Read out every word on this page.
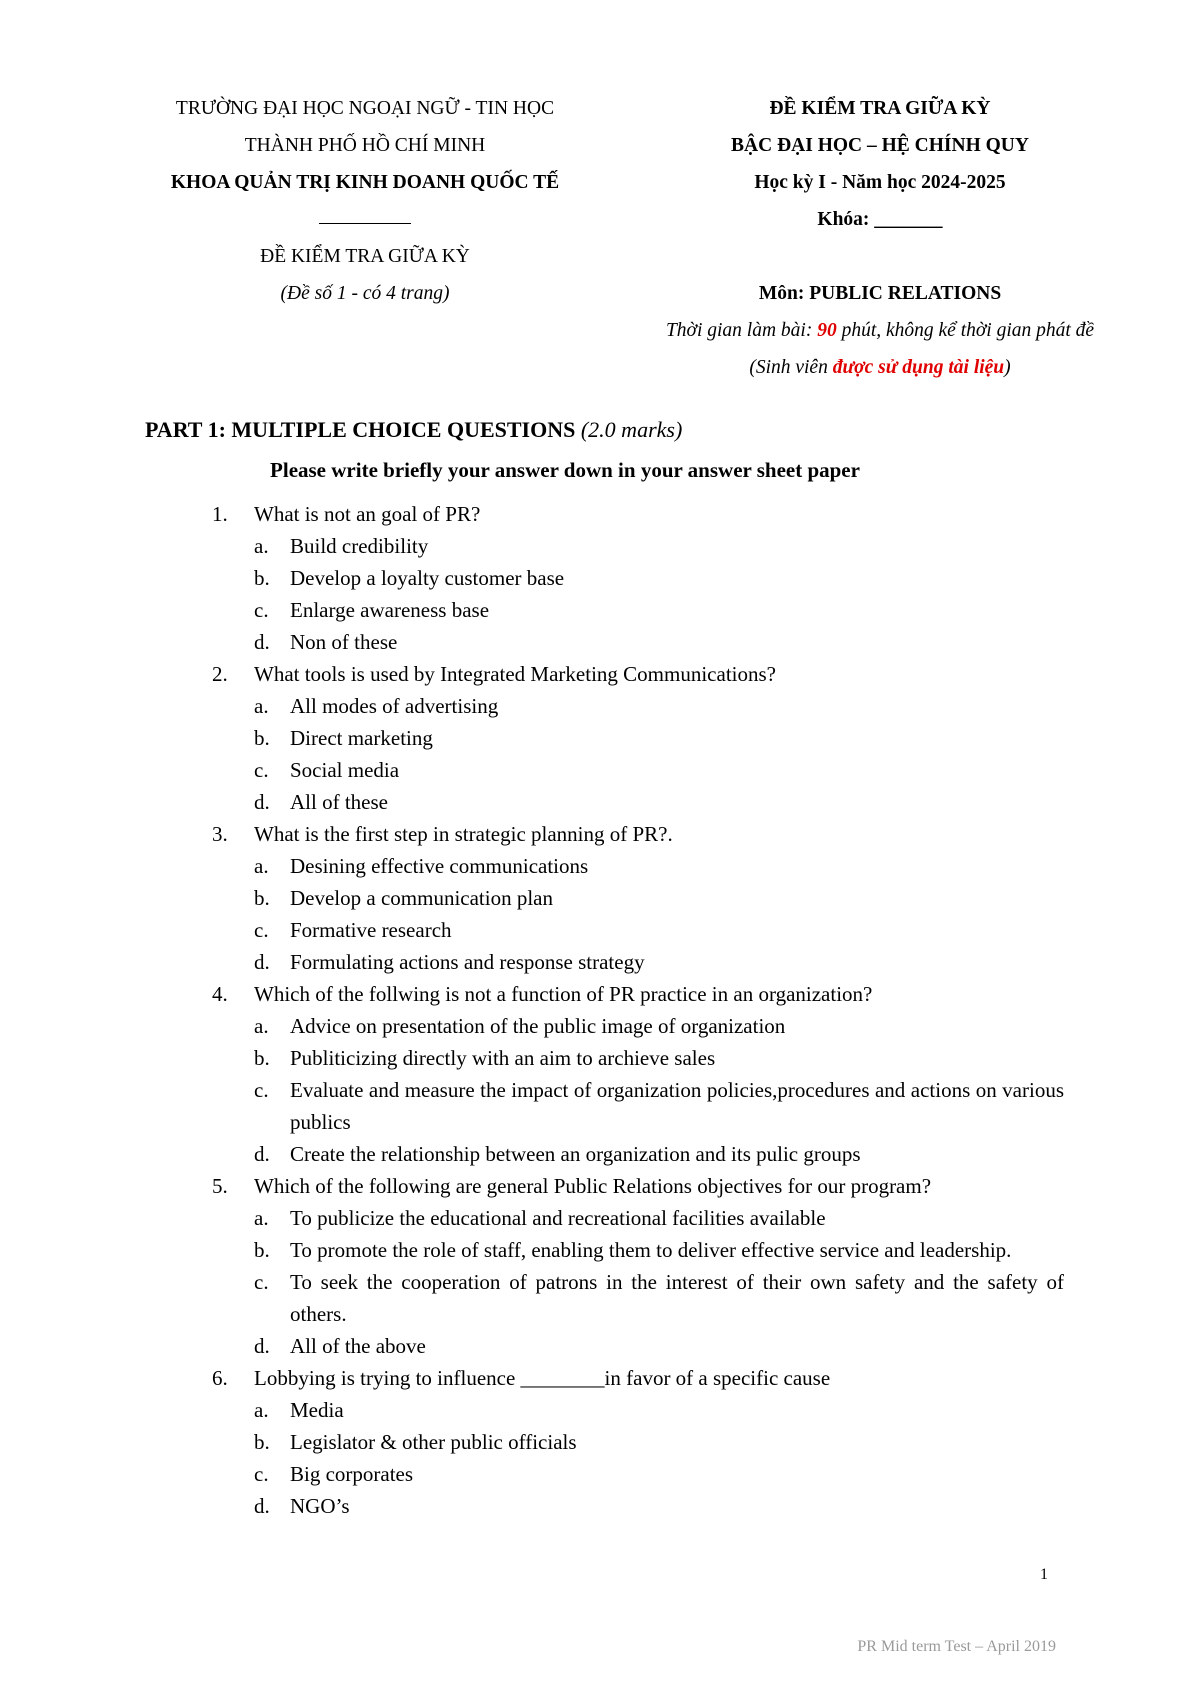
TRƯỜNG ĐẠI HỌC NGOẠI NGỮ - TIN HỌC
THÀNH PHỐ HỒ CHÍ MINH
KHOA QUẢN TRỊ KINH DOANH QUỐC TẾ
ĐỀ KIỂM TRA GIỮA KỲ
(Đề số 1 - có 4 trang)
ĐỀ KIỂM TRA GIỮA KỲ
BẬC ĐẠI HỌC – HỆ CHÍNH QUY
Học kỳ I - Năm học 2024-2025
Khóa: _______
Môn: PUBLIC RELATIONS
Thời gian làm bài: 90 phút, không kể thời gian phát đề
(Sinh viên được sử dụng tài liệu)
PART 1: MULTIPLE CHOICE QUESTIONS (2.0 marks)
Please write briefly your answer down in your answer sheet paper
1.	What is not an goal of PR?
a.	Build credibility
b. Develop a loyalty customer base
c.	Enlarge awareness base
d. Non of these
2.	What tools is used by Integrated Marketing Communications?
a.	All modes of advertising
b. Direct marketing
c.	Social media
d. All of these
3.	What is the first step in strategic planning of PR?.
a.	Desining effective communications
b. Develop a communication plan
c.	Formative research
d. Formulating actions and response strategy
4.	Which of the follwing is not a function of PR practice in an organization?
a.	Advice on presentation of the public image of organization
b. Publiticizing directly with an aim to archieve sales
c.	Evaluate and measure the impact of organization policies,procedures and actions on various publics
d. Create the relationship between an organization and its pulic groups
5.	Which of the following are general Public Relations objectives for our program?
a.	To publicize the educational and recreational facilities available
b. To promote the role of staff, enabling them to deliver effective service and leadership.
c.	To seek the cooperation of patrons in the interest of their own safety and the safety of others.
d. All of the above
6.	Lobbying is trying to influence ________in favor of a specific cause
a.	Media
b. Legislator & other public officials
c.	Big corporates
d. NGO’s
1
PR Mid term Test – April 2019
